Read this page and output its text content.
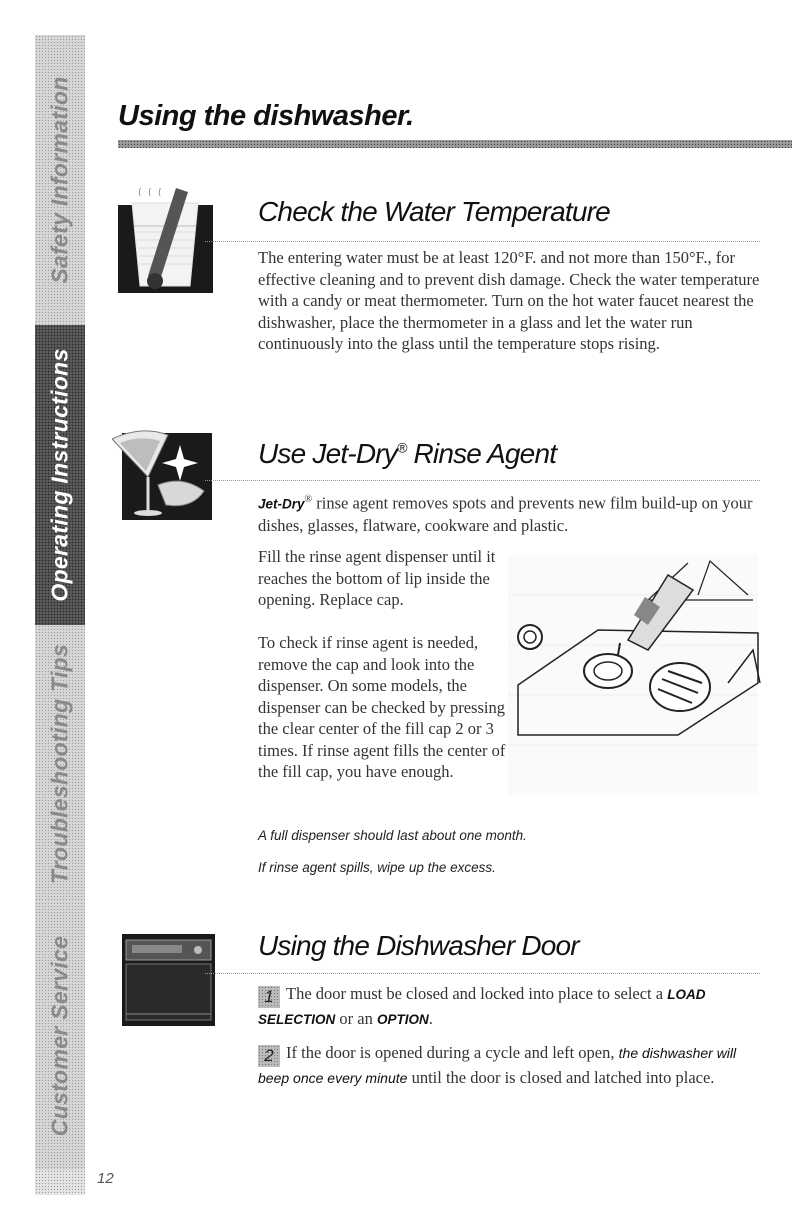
Safety Information
Operating Instructions
Troubleshooting Tips
Customer Service
Using the dishwasher.
Check the Water Temperature

The entering water must be at least 120°F. and not more than 150°F., for effective cleaning and to prevent dish damage. Check the water temperature with a candy or meat thermometer. Turn on the hot water faucet nearest the dishwasher, place the thermometer in a glass and let the water run continuously into the glass until the temperature stops rising.

Use Jet-Dry® Rinse Agent

Jet-Dry® rinse agent removes spots and prevents new film build-up on your dishes, glasses, flatware, cookware and plastic.

Fill the rinse agent dispenser until it reaches the bottom of lip inside the opening. Replace cap.

To check if rinse agent is needed, remove the cap and look into the dispenser. On some models, the dispenser can be checked by pressing the clear center of the fill cap 2 or 3 times. If rinse agent fills the center of the fill cap, you have enough.

A full dispenser should last about one month.

If rinse agent spills, wipe up the excess.

Using the Dishwasher Door

1 The door must be closed and locked into place to select a LOAD SELECTION or an OPTION.

2 If the door is opened during a cycle and left open, the dishwasher will beep once every minute until the door is closed and latched into place.

12
